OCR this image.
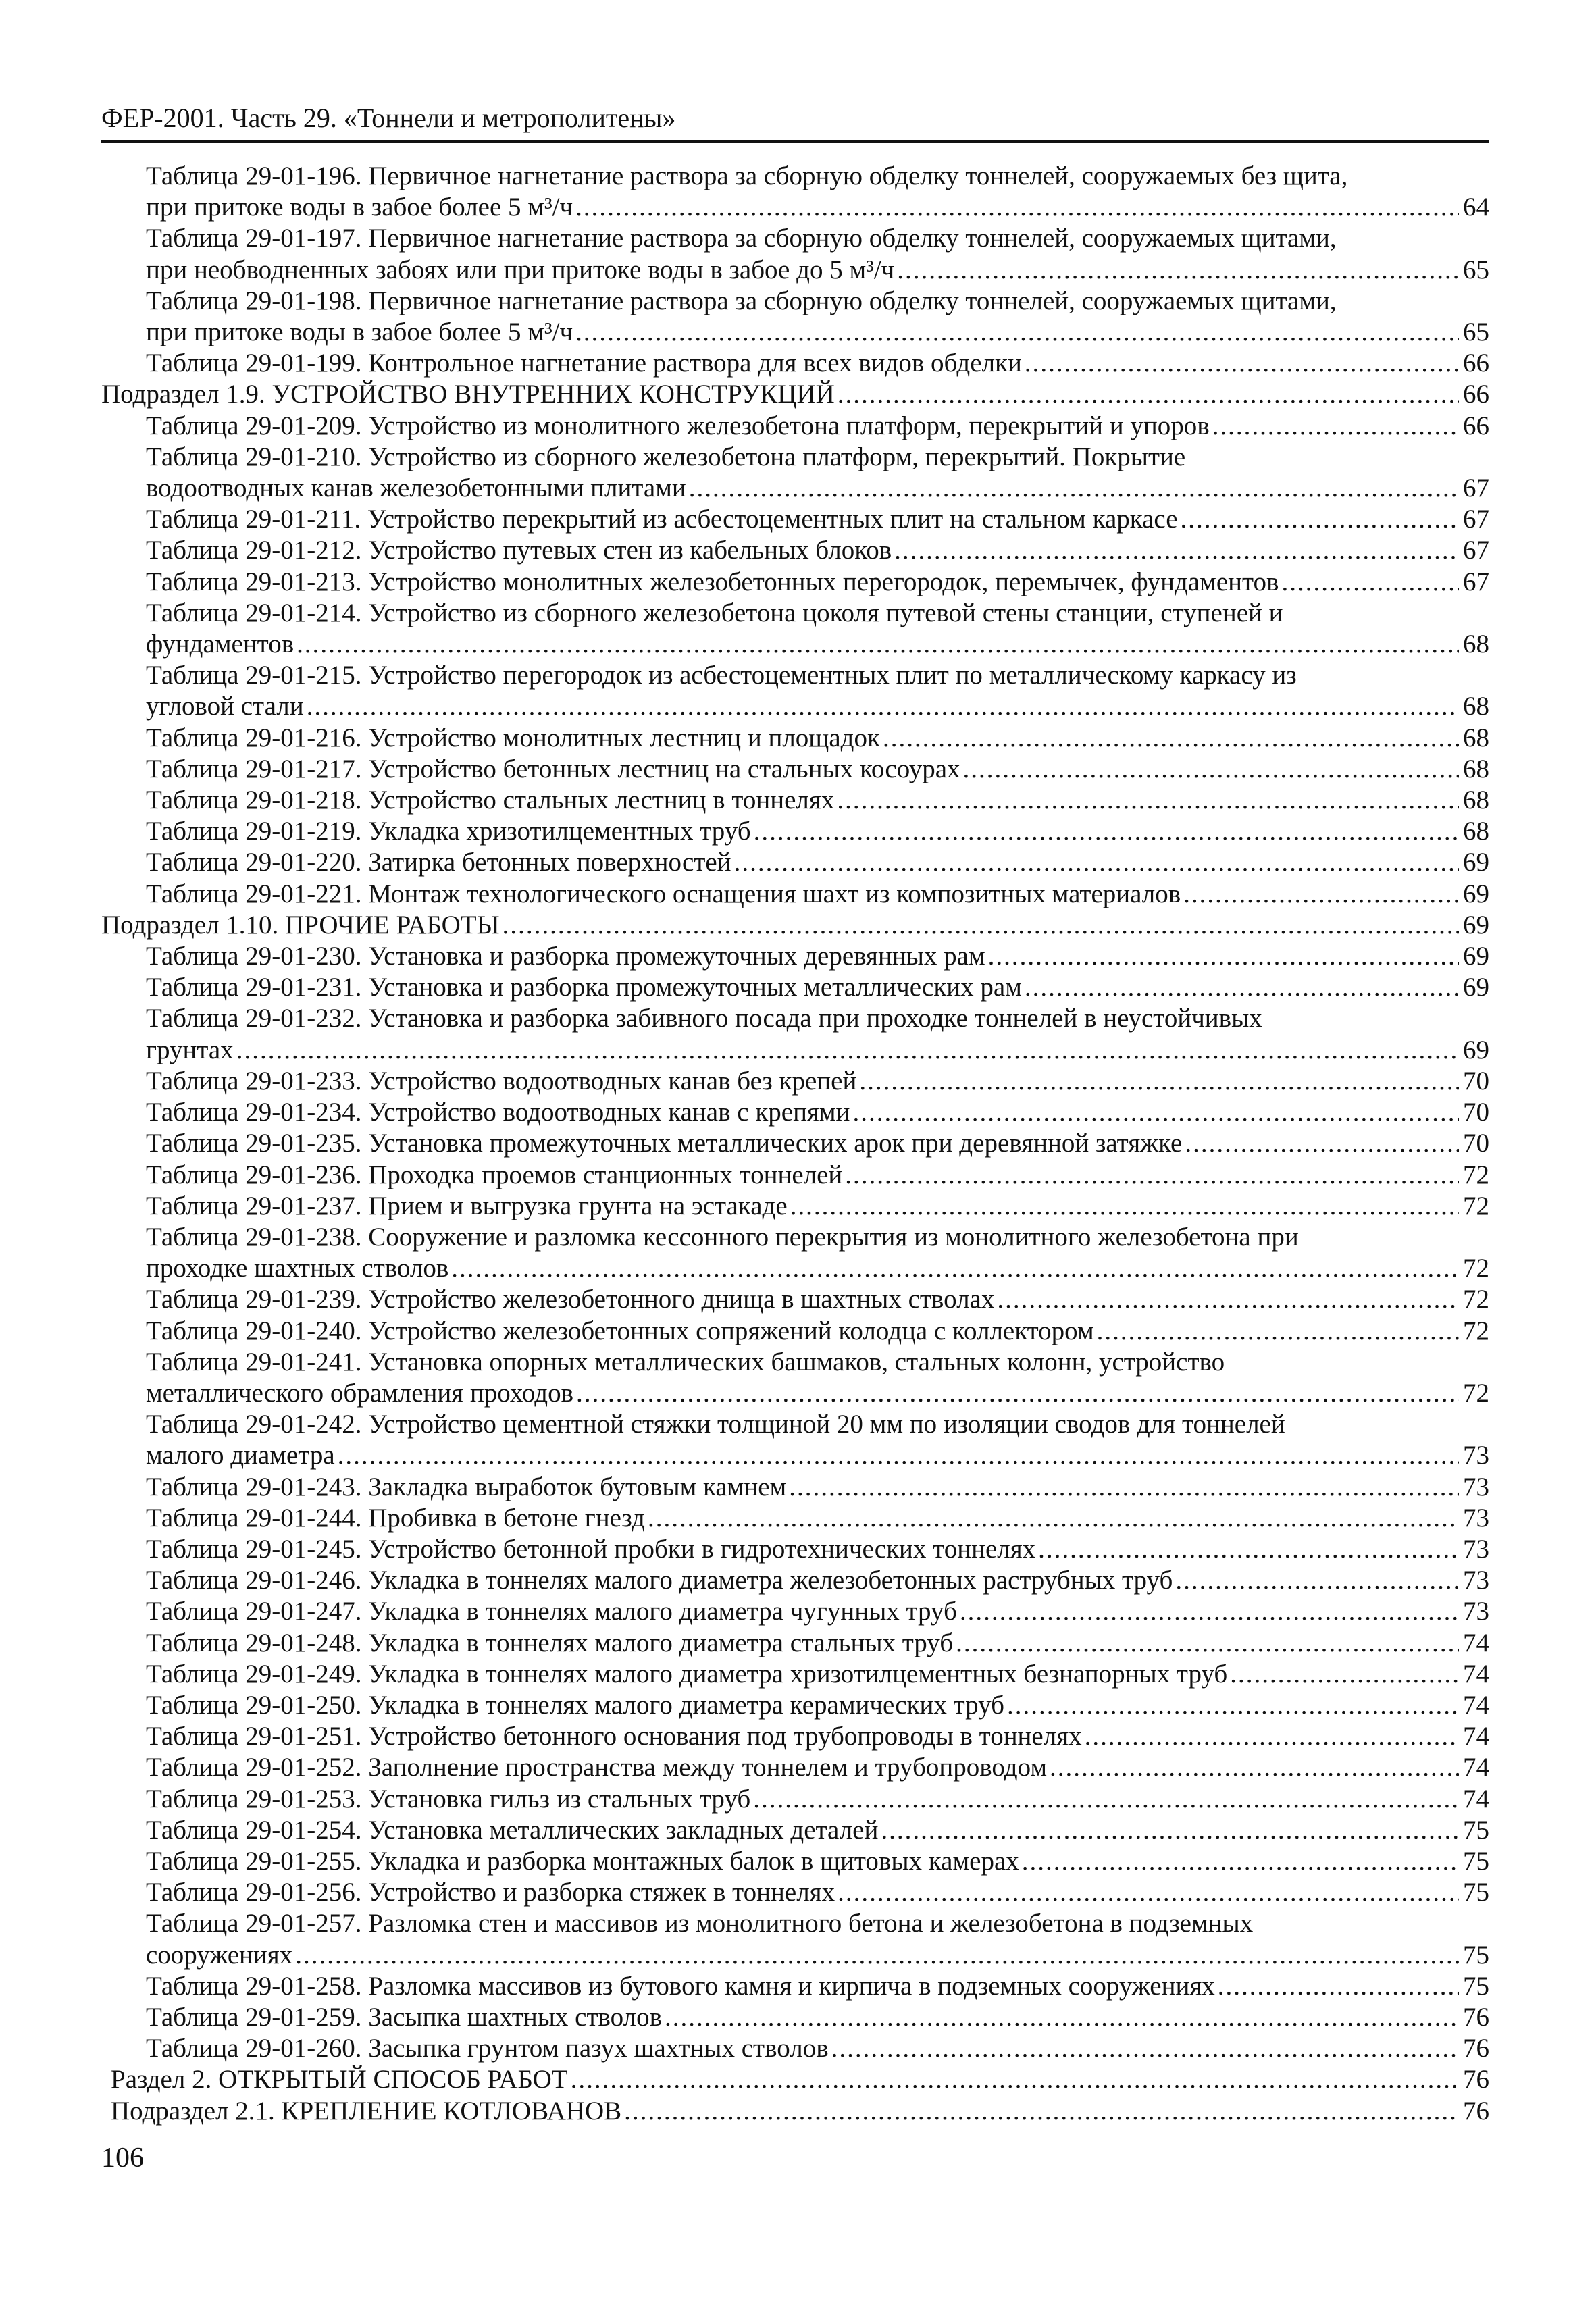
ФЕР-2001. Часть 29. «Тоннели и метрополитены»
Таблица 29-01-196. Первичное нагнетание раствора за сборную обделку тоннелей, сооружаемых без щита,
при притоке воды в забое более 5 м³/ч .....	64
Таблица 29-01-197. Первичное нагнетание раствора за сборную обделку тоннелей, сооружаемых щитами,
при необводненных забоях или при притоке воды в забое до 5 м³/ч .....	65
Таблица 29-01-198. Первичное нагнетание раствора за сборную обделку тоннелей, сооружаемых щитами,
при притоке воды в забое более 5 м³/ч .....	65
Таблица 29-01-199. Контрольное нагнетание раствора для всех видов обделки .....	66
Подраздел 1.9. УСТРОЙСТВО ВНУТРЕННИХ КОНСТРУКЦИЙ .....	66
Таблица 29-01-209. Устройство из монолитного железобетона платформ, перекрытий и упоров .....	66
Таблица 29-01-210. Устройство из сборного железобетона платформ, перекрытий. Покрытие
водоотводных канав железобетонными плитами .....	67
Таблица 29-01-211. Устройство перекрытий из асбестоцементных плит на стальном каркасе .....	67
Таблица 29-01-212. Устройство путевых стен из кабельных блоков .....	67
Таблица 29-01-213. Устройство монолитных железобетонных перегородок, перемычек, фундаментов .....	67
Таблица 29-01-214. Устройство из сборного железобетона цоколя путевой стены станции, ступеней и
фундаментов .....	68
Таблица 29-01-215. Устройство перегородок из асбестоцементных плит по металлическому каркасу из
угловой стали .....	68
Таблица 29-01-216. Устройство монолитных лестниц и площадок .....	68
Таблица 29-01-217. Устройство бетонных лестниц на стальных косоурах .....	68
Таблица 29-01-218. Устройство стальных лестниц в тоннелях .....	68
Таблица 29-01-219. Укладка хризотилцементных труб .....	68
Таблица 29-01-220. Затирка бетонных поверхностей .....	69
Таблица 29-01-221. Монтаж технологического оснащения шахт из композитных материалов .....	69
Подраздел 1.10. ПРОЧИЕ РАБОТЫ .....	69
Таблица 29-01-230. Установка и разборка промежуточных деревянных рам .....	69
Таблица 29-01-231. Установка и разборка промежуточных металлических рам .....	69
Таблица 29-01-232. Установка и разборка забивного посада при проходке тоннелей в неустойчивых
грунтах .....	69
Таблица 29-01-233. Устройство водоотводных канав без крепей .....	70
Таблица 29-01-234. Устройство водоотводных канав с крепями .....	70
Таблица 29-01-235. Установка промежуточных металлических арок при деревянной затяжке .....	70
Таблица 29-01-236. Проходка проемов станционных тоннелей .....	72
Таблица 29-01-237. Прием и выгрузка грунта на эстакаде .....	72
Таблица 29-01-238. Сооружение и разломка кессонного перекрытия из монолитного железобетона при
проходке шахтных стволов .....	72
Таблица 29-01-239. Устройство железобетонного днища в шахтных стволах .....	72
Таблица 29-01-240. Устройство железобетонных сопряжений колодца с коллектором .....	72
Таблица 29-01-241. Установка опорных металлических башмаков, стальных колонн, устройство
металлического обрамления проходов .....	72
Таблица 29-01-242. Устройство цементной стяжки толщиной 20 мм по изоляции сводов для тоннелей
малого диаметра .....	73
Таблица 29-01-243. Закладка выработок бутовым камнем .....	73
Таблица 29-01-244. Пробивка в бетоне гнезд .....	73
Таблица 29-01-245. Устройство бетонной пробки в гидротехнических тоннелях .....	73
Таблица 29-01-246. Укладка в тоннелях малого диаметра железобетонных раструбных труб .....	73
Таблица 29-01-247. Укладка в тоннелях малого диаметра чугунных труб .....	73
Таблица 29-01-248. Укладка в тоннелях малого диаметра стальных труб .....	74
Таблица 29-01-249. Укладка в тоннелях малого диаметра хризотилцементных безнапорных труб .....	74
Таблица 29-01-250. Укладка в тоннелях малого диаметра керамических труб .....	74
Таблица 29-01-251. Устройство бетонного основания под трубопроводы в тоннелях .....	74
Таблица 29-01-252. Заполнение пространства между тоннелем и трубопроводом .....	74
Таблица 29-01-253. Установка гильз из стальных труб .....	74
Таблица 29-01-254. Установка металлических закладных деталей .....	75
Таблица 29-01-255. Укладка и разборка монтажных балок в щитовых камерах .....	75
Таблица 29-01-256. Устройство и разборка стяжек в тоннелях .....	75
Таблица 29-01-257. Разломка стен и массивов из монолитного бетона и железобетона в подземных
сооружениях .....	75
Таблица 29-01-258. Разломка массивов из бутового камня и кирпича в подземных сооружениях .....	75
Таблица 29-01-259. Засыпка шахтных стволов .....	76
Таблица 29-01-260. Засыпка грунтом пазух шахтных стволов .....	76
Раздел 2. ОТКРЫТЫЙ СПОСОБ РАБОТ .....	76
Подраздел 2.1. КРЕПЛЕНИЕ КОТЛОВАНОВ .....	76
106
